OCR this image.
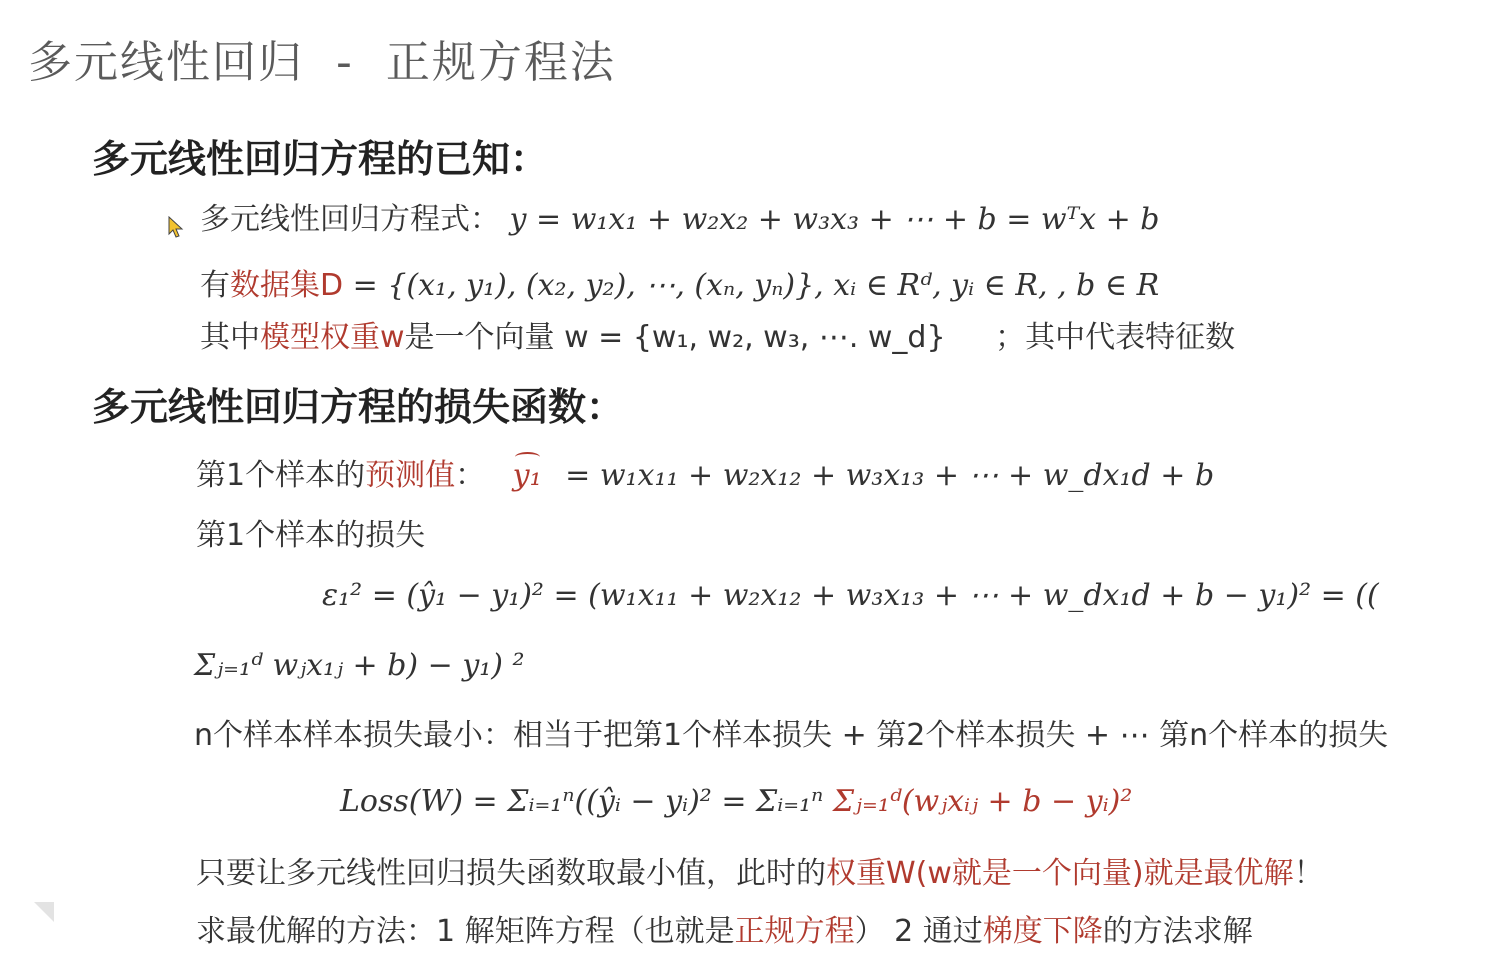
多元线性回归  -  正规方程法
多元线性回归方程的已知：
多元线性回归方程式： y = w₁x₁ + w₂x₂ + w₃x₃ + ⋯ + b = wᵀx + b
有数据集D = {(x₁, y₁), (x₂, y₂), ⋯, (xₙ, yₙ)}, xᵢ ∈ Rᵈ, yᵢ ∈ R, , b ∈ R
其中模型权重w是一个向量 w = {w₁, w₂, w₃, ⋯. w_d} ；其中代表特征数
多元线性回归方程的损失函数：
第1个样本的预测值： y₁ = w₁x₁₁ + w₂x₁₂ + w₃x₁₃ + ⋯ + w_dx₁d + b
第1个样本的损失
ε₁² = (ŷ₁ − y₁)² = (w₁x₁₁ + w₂x₁₂ + w₃x₁₃ + ⋯ + w_dx₁d + b − y₁)² = ((
Σⱼ₌₁ᵈ wⱼx₁ⱼ + b) − y₁) ²
n个样本样本损失最小：相当于把第1个样本损失 + 第2个样本损失 + ⋯ 第n个样本的损失
Loss(W) = Σᵢ₌₁ⁿ((ŷᵢ − yᵢ)² = Σᵢ₌₁ⁿ Σⱼ₌₁ᵈ(wⱼxᵢⱼ + b − yᵢ)²
只要让多元线性回归损失函数取最小值，此时的权重W(w就是一个向量)就是最优解！
求最优解的方法：1 解矩阵方程（也就是正规方程） 2 通过梯度下降的方法求解
